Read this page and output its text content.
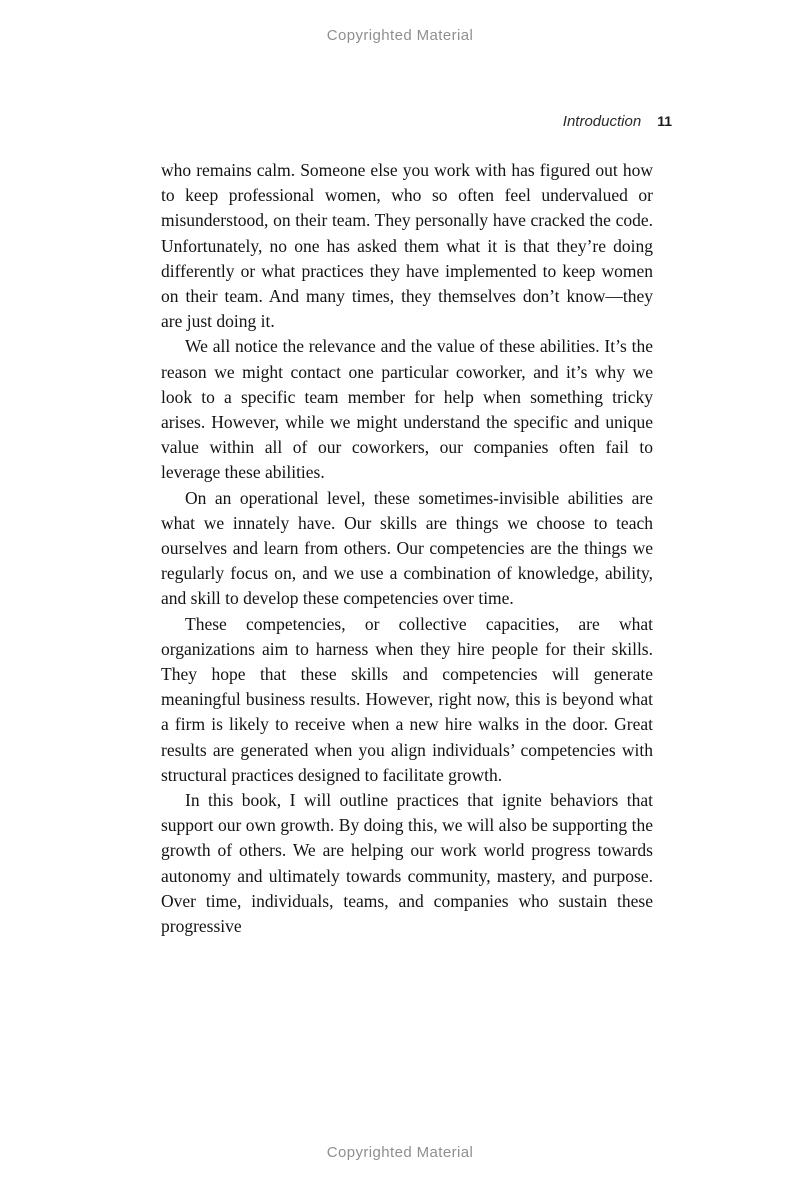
Copyrighted Material
Introduction 11

who remains calm. Someone else you work with has figured out how to keep professional women, who so often feel undervalued or misunderstood, on their team. They personally have cracked the code. Unfortunately, no one has asked them what it is that they’re doing differently or what practices they have implemented to keep women on their team. And many times, they themselves don’t know—they are just doing it.

We all notice the relevance and the value of these abilities. It’s the reason we might contact one particular coworker, and it’s why we look to a specific team member for help when something tricky arises. However, while we might understand the specific and unique value within all of our coworkers, our companies often fail to leverage these abilities.

On an operational level, these sometimes-invisible abilities are what we innately have. Our skills are things we choose to teach ourselves and learn from others. Our competencies are the things we regularly focus on, and we use a combination of knowledge, ability, and skill to develop these competencies over time.

These competencies, or collective capacities, are what organizations aim to harness when they hire people for their skills. They hope that these skills and competencies will generate meaningful business results. However, right now, this is beyond what a firm is likely to receive when a new hire walks in the door. Great results are generated when you align individuals’ competencies with structural practices designed to facilitate growth.

In this book, I will outline practices that ignite behaviors that support our own growth. By doing this, we will also be supporting the growth of others. We are helping our work world progress towards autonomy and ultimately towards community, mastery, and purpose. Over time, individuals, teams, and companies who sustain these progressive

Copyrighted Material
